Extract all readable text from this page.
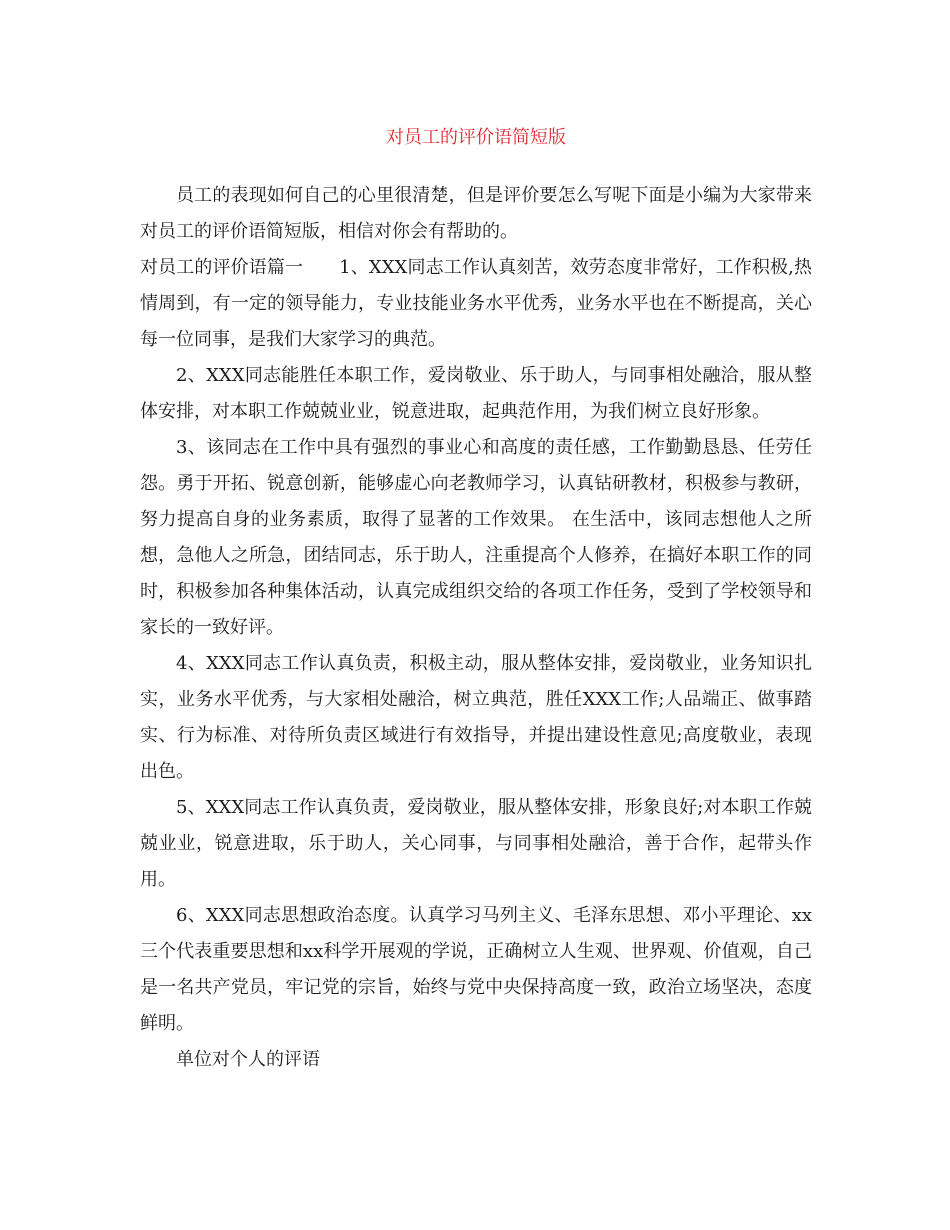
对员工的评价语简短版

员工的表现如何自己的心里很清楚，但是评价要怎么写呢下面是小编为大家带来对员工的评价语简短版，相信对你会有帮助的。

对员工的评价语篇一 1、XXX同志工作认真刻苦，效劳态度非常好，工作积极,热情周到，有一定的领导能力，专业技能业务水平优秀，业务水平也在不断提高，关心每一位同事，是我们大家学习的典范。

2、XXX同志能胜任本职工作，爱岗敬业、乐于助人，与同事相处融洽，服从整体安排，对本职工作兢兢业业，锐意进取，起典范作用，为我们树立良好形象。

3、该同志在工作中具有强烈的事业心和高度的责任感，工作勤勤恳恳、任劳任怨。勇于开拓、锐意创新，能够虚心向老教师学习，认真钻研教材，积极参与教研，努力提高自身的业务素质，取得了显著的工作效果。 在生活中，该同志想他人之所想，急他人之所急，团结同志，乐于助人，注重提高个人修养，在搞好本职工作的同时，积极参加各种集体活动，认真完成组织交给的各项工作任务，受到了学校领导和家长的一致好评。

4、XXX同志工作认真负责，积极主动，服从整体安排，爱岗敬业，业务知识扎实，业务水平优秀，与大家相处融洽，树立典范，胜任XXX工作;人品端正、做事踏实、行为标准、对待所负责区域进行有效指导，并提出建设性意见;高度敬业，表现出色。

5、XXX同志工作认真负责，爱岗敬业，服从整体安排，形象良好;对本职工作兢兢业业，锐意进取，乐于助人，关心同事，与同事相处融洽，善于合作，起带头作用。

6、XXX同志思想政治态度。认真学习马列主义、毛泽东思想、邓小平理论、xx三个代表重要思想和xx科学开展观的学说，正确树立人生观、世界观、价值观，自己是一名共产党员，牢记党的宗旨，始终与党中央保持高度一致，政治立场坚决，态度鲜明。

单位对个人的评语
